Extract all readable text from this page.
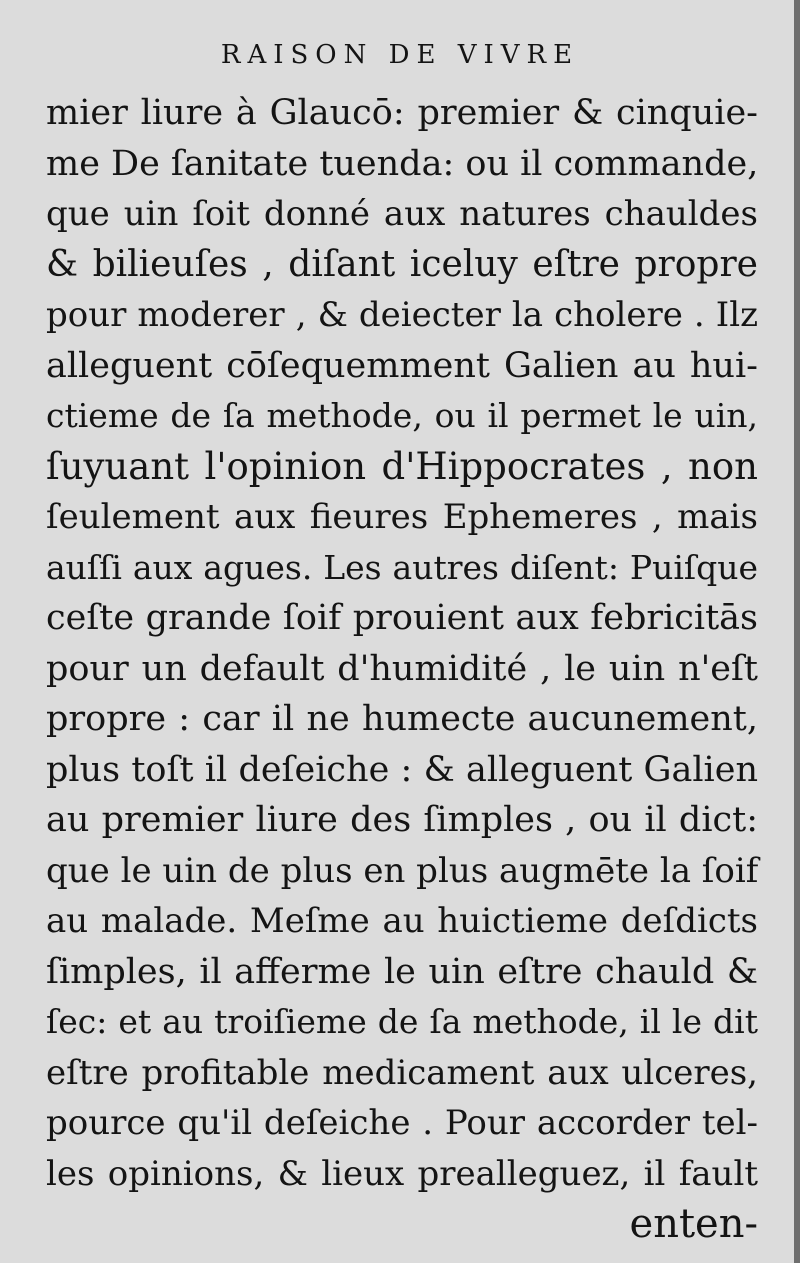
RAISON DE VIVRE
mier liure à Glaucō: premier & cinquie-
me De ſanitate tuenda: ou il commande,
que uin ſoit donné aux natures chauldes
& bilieuſes , diſant iceluy eſtre propre
pour moderer , & deiecter la cholere . Ilz
alleguent cōſequemment Galien au hui-
ctieme de ſa methode, ou il permet le uin,
ſuyuant l'opinion d'Hippocrates , non
ſeulement aux fieures Ephemeres , mais
auſſi aux agues. Les autres diſent: Puiſque
ceſte grande ſoif prouient aux febricitās
pour un default d'humidité , le uin n'eſt
propre : car il ne humecte aucunement,
plus toſt il deſeiche : & alleguent Galien
au premier liure des ſimples , ou il dict:
que le uin de plus en plus augmēte la ſoif
au malade. Meſme au huictieme deſdicts
ſimples, il afferme le uin eſtre chauld &
ſec: et au troiſieme de ſa methode, il le dit
eſtre profitable medicament aux ulceres,
pource qu'il deſeiche . Pour accorder tel-
les opinions, & lieux prealleguez, il fault
enten-
